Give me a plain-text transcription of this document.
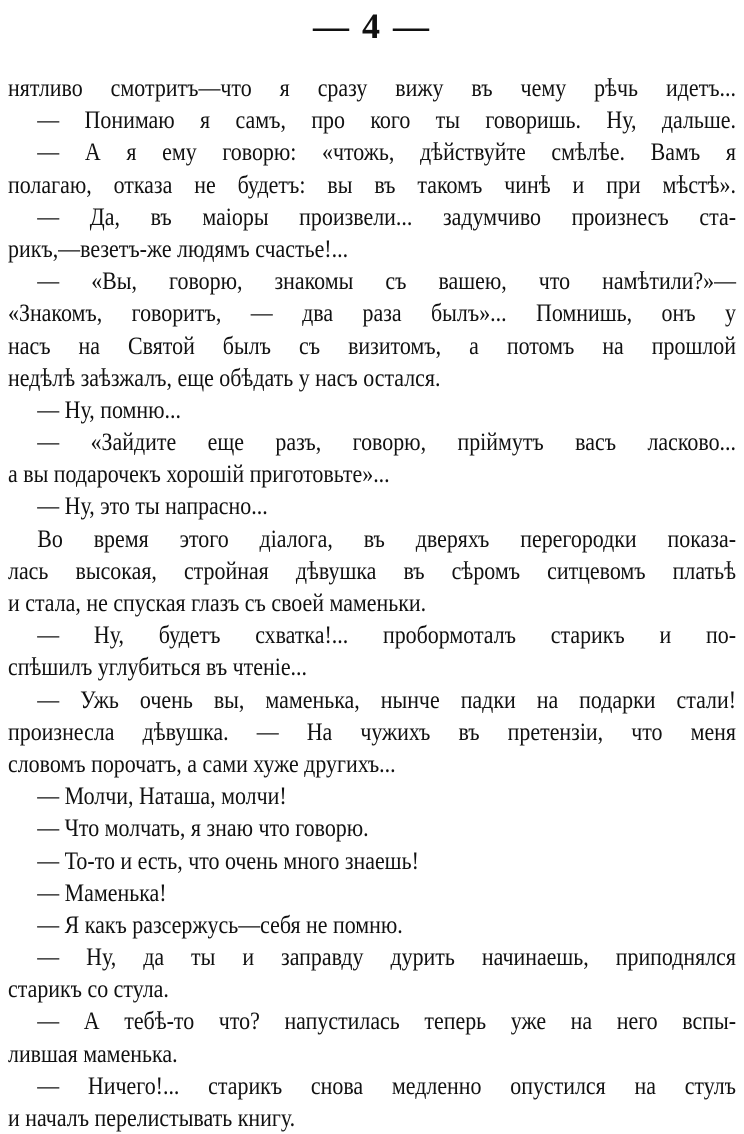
— 4 —
нятливо смотритъ—что я сразу вижу въ чему рѣчь идетъ...
— Понимаю я самъ, про кого ты говоришь. Ну, дальше.
— А я ему говорю: «чтожь, дѣйствуйте смѣлѣе. Вамъ я
полагаю, отказа не будетъ: вы въ такомъ чинѣ и при мѣстѣ».
— Да, въ маіоры произвели... задумчиво произнесъ ста-
рикъ,—везетъ-же людямъ счастье!...
— «Вы, говорю, знакомы съ вашею, что намѣтили?»—
«Знакомъ, говоритъ, — два раза былъ»... Помнишь, онъ у
насъ на Святой былъ съ визитомъ, а потомъ на прошлой
недѣлѣ заѣзжалъ, еще обѣдать у насъ остался.
— Ну, помню...
— «Зайдите еще разъ, говорю, пріймутъ васъ ласково...
а вы подарочекъ хорошій приготовьте»...
— Ну, это ты напрасно...
Во время этого діалога, въ дверяхъ перегородки показа-
лась высокая, стройная дѣвушка въ сѣромъ ситцевомъ платьѣ
и стала, не спуская глазъ съ своей маменьки.
— Ну, будетъ схватка!... пробормоталъ старикъ и по-
спѣшилъ углубиться въ чтеніе...
— Ужь очень вы, маменька, нынче падки на подарки стали!
произнесла дѣвушка. — На чужихъ въ претензіи, что меня
словомъ порочатъ, а сами хуже другихъ...
— Молчи, Наташа, молчи!
— Что молчать, я знаю что говорю.
— То-то и есть, что очень много знаешь!
— Маменька!
— Я какъ разсержусь—себя не помню.
— Ну, да ты и заправду дурить начинаешь, приподнялся
старикъ со стула.
— А тебѣ-то что? напустилась теперь уже на него вспы-
лившая маменька.
— Ничего!... старикъ снова медленно опустился на стулъ
и началъ перелистывать книгу.
